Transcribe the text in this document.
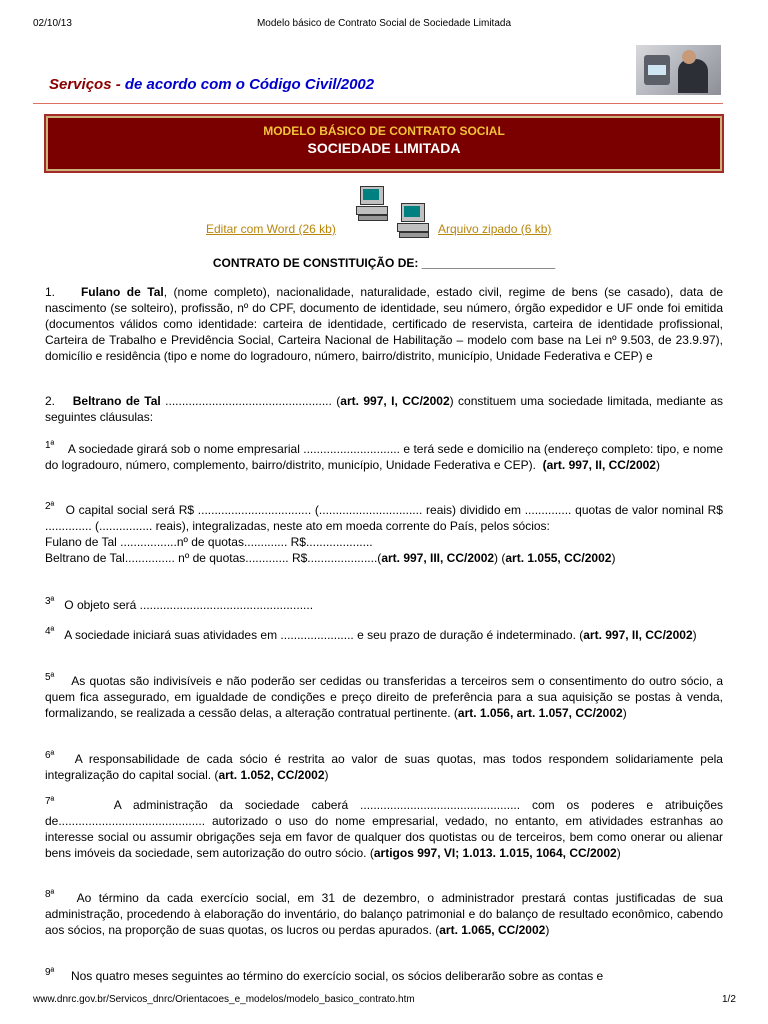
02/10/13	Modelo básico de Contrato Social de Sociedade Limitada
Serviços - de acordo com o Código Civil/2002
MODELO BÁSICO DE CONTRATO SOCIAL
SOCIEDADE LIMITADA
Editar com Word (26 kb)	Arquivo zipado (6 kb)
CONTRATO DE CONSTITUIÇÃO DE: ____________________
1. Fulano de Tal, (nome completo), nacionalidade, naturalidade, estado civil, regime de bens (se casado), data de nascimento (se solteiro), profissão, nº do CPF, documento de identidade, seu número, órgão expedidor e UF onde foi emitida (documentos válidos como identidade: carteira de identidade, certificado de reservista, carteira de identidade profissional, Carteira de Trabalho e Previdência Social, Carteira Nacional de Habilitação – modelo com base na Lei nº 9.503, de 23.9.97), domicílio e residência (tipo e nome do logradouro, número, bairro/distrito, município, Unidade Federativa e CEP) e
2. Beltrano de Tal .................................................. (art. 997, I, CC/2002) constituem uma sociedade limitada, mediante as seguintes cláusulas:
$^{1ª}$ A sociedade girará sob o nome empresarial ............................. e terá sede e domicilio na (endereço completo: tipo, e nome do logradouro, número, complemento, bairro/distrito, município, Unidade Federativa e CEP). (art. 997, II, CC/2002)
$^{2ª}$ O capital social será R$ .................................. (............................... reais) dividido em .............. quotas de valor nominal R$ .............. (................ reais), integralizadas, neste ato em moeda corrente do País, pelos sócios:
Fulano de Tal .................nº de quotas............. R$....................
Beltrano de Tal............... nº de quotas............. R$.....................(art. 997, III, CC/2002) (art. 1.055, CC/2002)
$^{3ª}$ O objeto será ....................................................
$^{4ª}$ A sociedade iniciará suas atividades em ...................... e seu prazo de duração é indeterminado. (art. 997, II, CC/2002)
$^{5ª}$ As quotas são indivisíveis e não poderão ser cedidas ou transferidas a terceiros sem o consentimento do outro sócio, a quem fica assegurado, em igualdade de condições e preço direito de preferência para a sua aquisição se postas à venda, formalizando, se realizada a cessão delas, a alteração contratual pertinente. (art. 1.056, art. 1.057, CC/2002)
$^{6ª}$ A responsabilidade de cada sócio é restrita ao valor de suas quotas, mas todos respondem solidariamente pela integralização do capital social. (art. 1.052, CC/2002)
$^{7ª}$	A administração da sociedade caberá ................................................ com os poderes e atribuições de............................................ autorizado o uso do nome empresarial, vedado, no entanto, em atividades estranhas ao interesse social ou assumir obrigações seja em favor de qualquer dos quotistas ou de terceiros, bem como onerar ou alienar bens imóveis da sociedade, sem autorização do outro sócio. (artigos 997, VI; 1.013. 1.015, 1064, CC/2002)
$^{8ª}$ Ao término da cada exercício social, em 31 de dezembro, o administrador prestará contas justificadas de sua administração, procedendo à elaboração do inventário, do balanço patrimonial e do balanço de resultado econômico, cabendo aos sócios, na proporção de suas quotas, os lucros ou perdas apurados. (art. 1.065, CC/2002)
$^{9ª}$ Nos quatro meses seguintes ao término do exercício social, os sócios deliberarão sobre as contas e
www.dnrc.gov.br/Servicos_dnrc/Orientacoes_e_modelos/modelo_basico_contrato.htm	1/2
